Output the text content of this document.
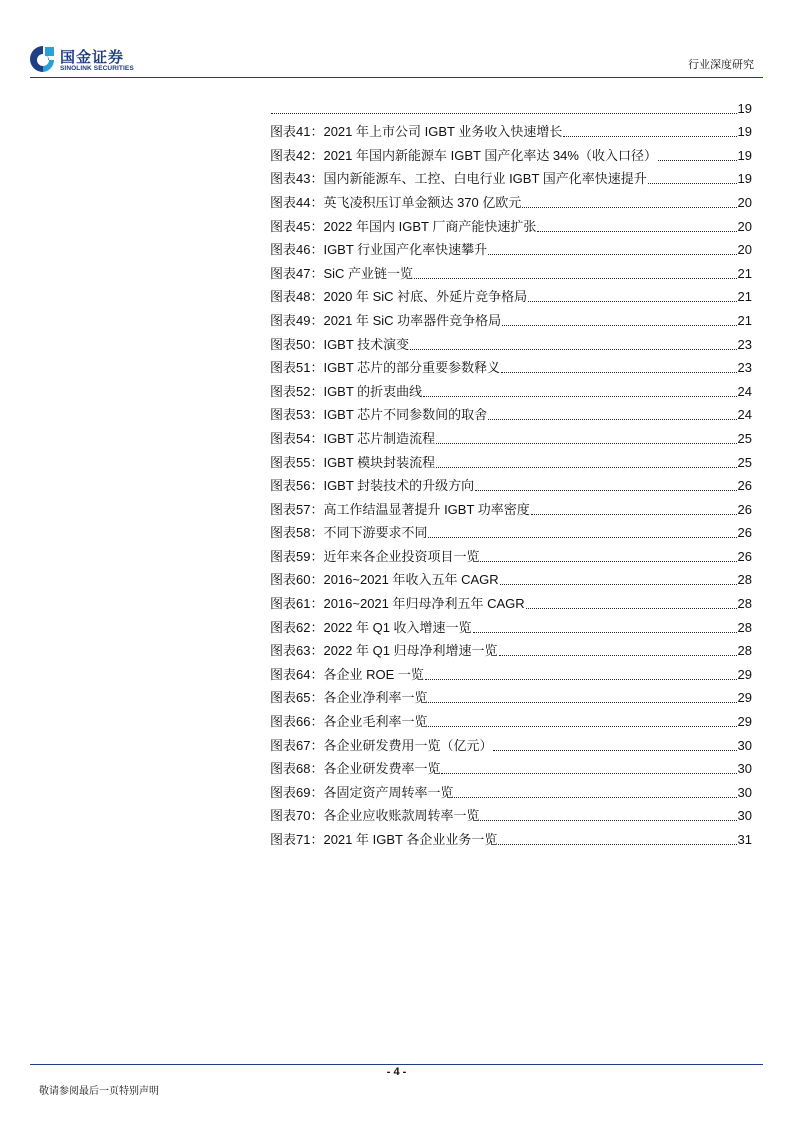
国金证券
SINOLINK SECURITIES	行业深度研究
19
图表41：2021 年上市公司 IGBT 业务收入快速增长	19
图表42：2021 年国内新能源车 IGBT 国产化率达 34%（收入口径）	19
图表43：国内新能源车、工控、白电行业 IGBT 国产化率快速提升	19
图表44：英飞凌积压订单金额达 370 亿欧元	20
图表45：2022 年国内 IGBT 厂商产能快速扩张	20
图表46：IGBT 行业国产化率快速攀升	20
图表47：SiC 产业链一览	21
图表48：2020 年 SiC 衬底、外延片竞争格局	21
图表49：2021 年 SiC 功率器件竞争格局	21
图表50：IGBT 技术演变	23
图表51：IGBT 芯片的部分重要参数释义	23
图表52：IGBT 的折衷曲线	24
图表53：IGBT 芯片不同参数间的取舍	24
图表54：IGBT 芯片制造流程	25
图表55：IGBT 模块封装流程	25
图表56：IGBT 封装技术的升级方向	26
图表57：高工作结温显著提升 IGBT 功率密度	26
图表58：不同下游要求不同	26
图表59：近年来各企业投资项目一览	26
图表60：2016~2021 年收入五年 CAGR	28
图表61：2016~2021 年归母净利五年 CAGR	28
图表62：2022 年 Q1 收入增速一览	28
图表63：2022 年 Q1 归母净利增速一览	28
图表64：各企业 ROE 一览	29
图表65：各企业净利率一览	29
图表66：各企业毛利率一览	29
图表67：各企业研发费用一览（亿元）	30
图表68：各企业研发费率一览	30
图表69：各固定资产周转率一览	30
图表70：各企业应收账款周转率一览	30
图表71：2021 年 IGBT 各企业业务一览	31
- 4 -
敬请参阅最后一页特别声明
